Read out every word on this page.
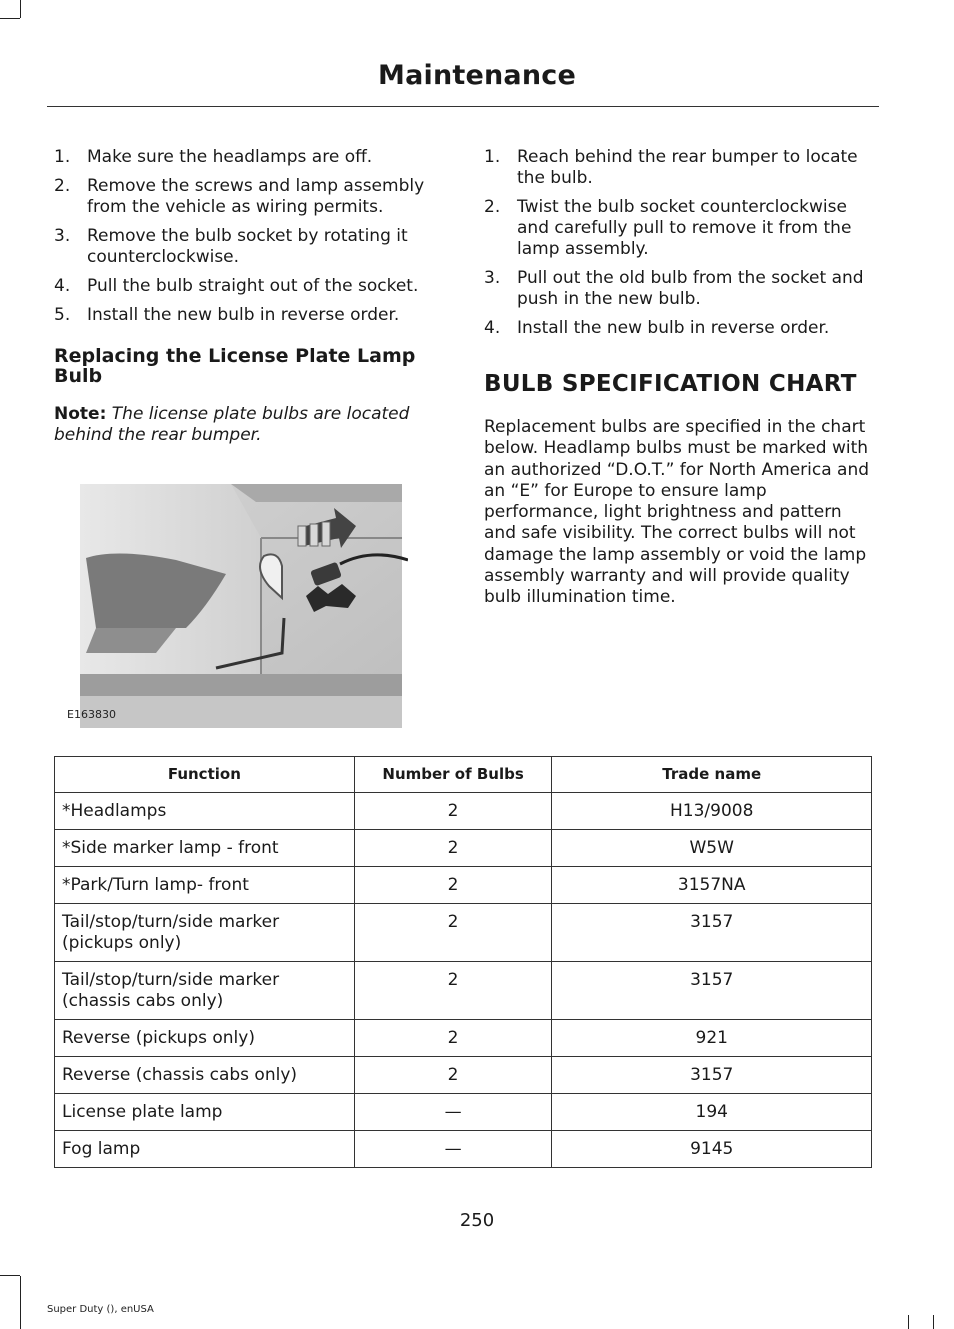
Maintenance
1. Make sure the headlamps are off.
2. Remove the screws and lamp assembly from the vehicle as wiring permits.
3. Remove the bulb socket by rotating it counterclockwise.
4. Pull the bulb straight out of the socket.
5. Install the new bulb in reverse order.
Replacing the License Plate Lamp Bulb

Note: The license plate bulbs are located behind the rear bumper.

E163830
1. Reach behind the rear bumper to locate the bulb.
2. Twist the bulb socket counterclockwise and carefully pull to remove it from the lamp assembly.
3. Pull out the old bulb from the socket and push in the new bulb.
4. Install the new bulb in reverse order.
BULB SPECIFICATION CHART

Replacement bulbs are specified in the chart below. Headlamp bulbs must be marked with an authorized “D.O.T.” for North America and an “E” for Europe to ensure lamp performance, light brightness and pattern and safe visibility. The correct bulbs will not damage the lamp assembly or void the lamp assembly warranty and will provide quality bulb illumination time.

Function	Number of Bulbs	Trade name
*Headlamps	2	H13/9008
*Side marker lamp - front	2	W5W
*Park/Turn lamp- front	2	3157NA
Tail/stop/turn/side marker (pickups only)	2	3157
Tail/stop/turn/side marker (chassis cabs only)	2	3157
Reverse (pickups only)	2	921
Reverse (chassis cabs only)	2	3157
License plate lamp	—	194
Fog lamp	—	9145
250
Super Duty (), enUSA
